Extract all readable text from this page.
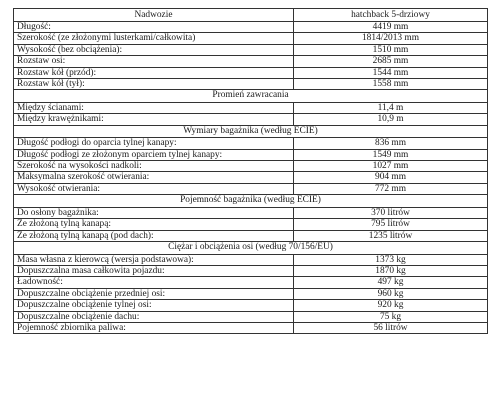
Nadwozie	hatchback 5-drziowy
Długość:	4419 mm
Szerokość (ze złożonymi lusterkami/całkowita)	1814/2013 mm
Wysokość (bez obciążenia):	1510 mm
Rozstaw osi:	2685 mm
Rozstaw kół (przód):	1544 mm
Rozstaw kół (tył):	1558 mm
Promień zawracania	
Między ścianami:	11,4 m
Między krawężnikami:	10,9 m
Wymiary bagażnika (według ECIE)	
Długość podłogi do oparcia tylnej kanapy:	836 mm
Długość podłogi ze złożonym oparciem tylnej kanapy:	1549 mm
Szerokość na wysokości nadkoli:	1027 mm
Maksymalna szerokość otwierania:	904 mm
Wysokość otwierania:	772 mm
Pojemność bagażnika (według ECIE)	
Do osłony bagażnika:	370 litrów
Ze złożoną tylną kanapą:	795 litrów
Ze złożoną tylną kanapą (pod dach):	1235 litrów
Ciężar i obciążenia osi (według 70/156/EU)	
Masa własna z kierowcą (wersja podstawowa):	1373 kg
Dopuszczalna masa całkowita pojazdu:	1870 kg
Ładowność:	497 kg
Dopuszczalne obciążenie przedniej osi:	960 kg
Dopuszczalne obciążenie tylnej osi:	920 kg
Dopuszczalne obciążenie dachu:	75 kg
Pojemność zbiornika paliwa:	56 litrów
